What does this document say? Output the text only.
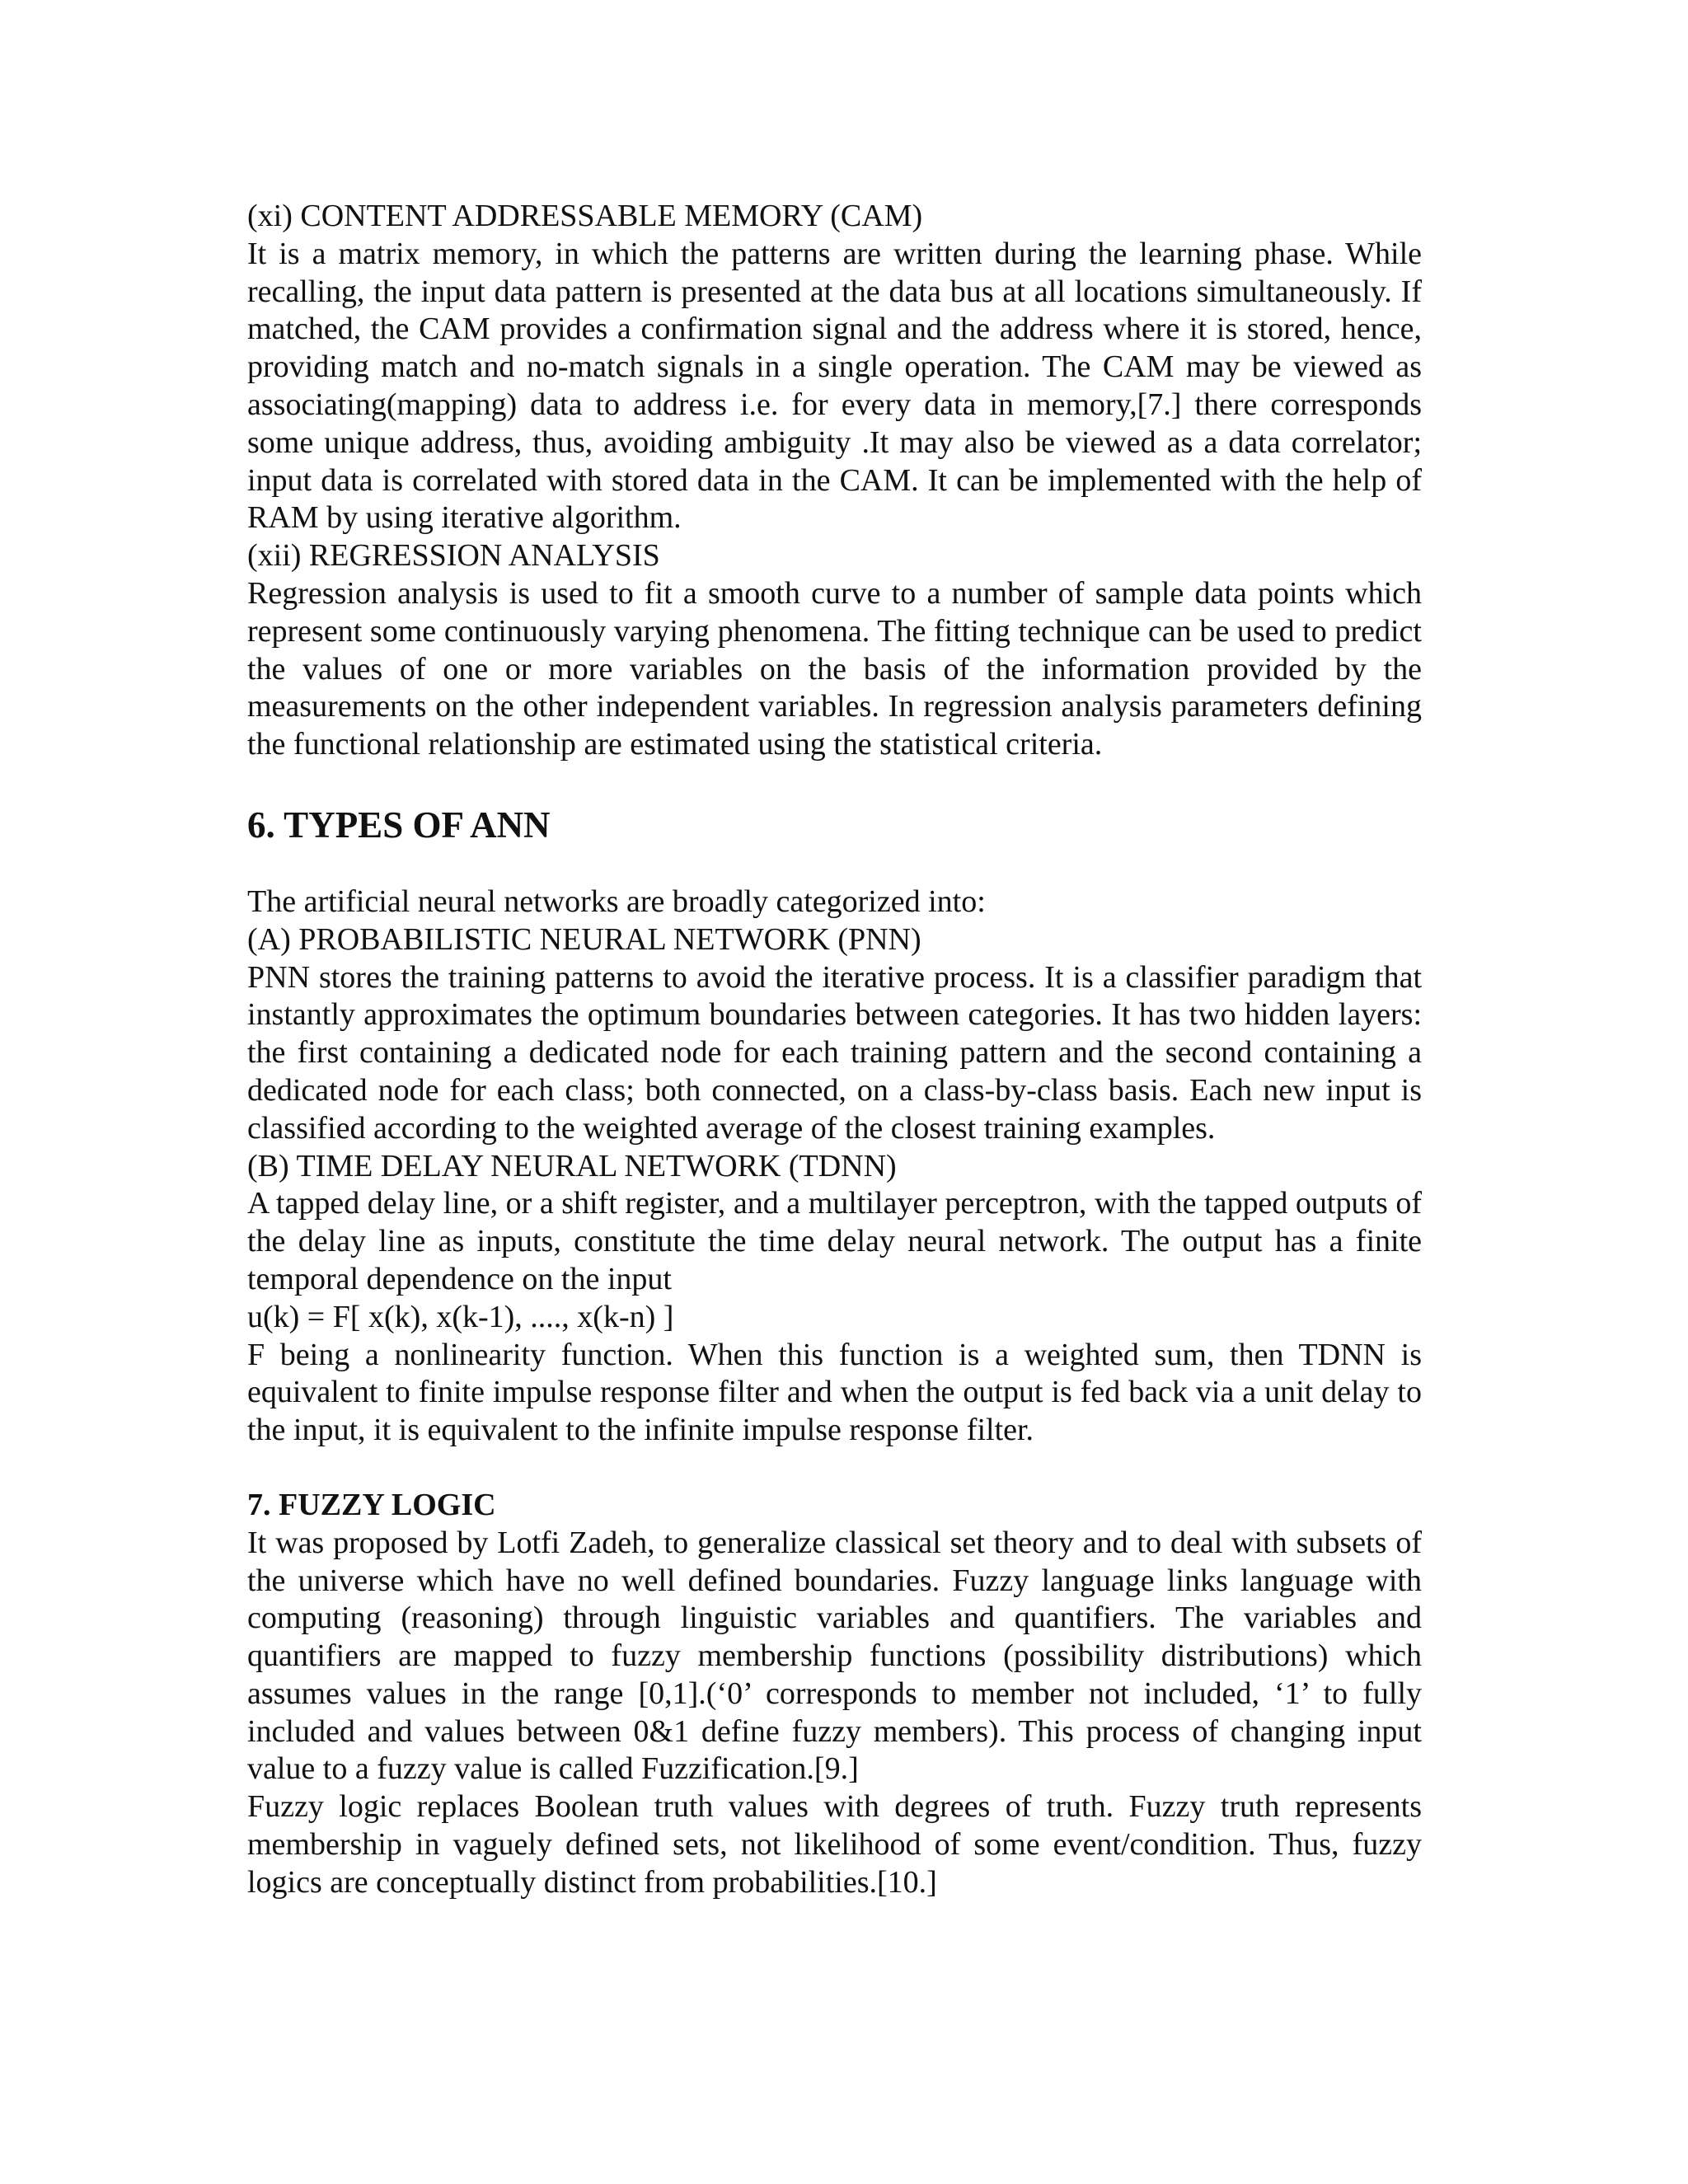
(xi) CONTENT ADDRESSABLE MEMORY (CAM)

It is a matrix memory, in which the patterns are written during the learning phase. While recalling, the input data pattern is presented at the data bus at all locations simultaneously. If matched, the CAM provides a confirmation signal and the address where it is stored, hence, providing match and no-match signals in a single operation. The CAM may be viewed as associating(mapping) data to address i.e. for every data in memory,[7.] there corresponds some unique address, thus, avoiding ambiguity .It may also be viewed as a data correlator; input data is correlated with stored data in the CAM. It can be implemented with the help of RAM by using iterative algorithm.

(xii) REGRESSION ANALYSIS

Regression analysis is used to fit a smooth curve to a number of sample data points which represent some continuously varying phenomena. The fitting technique can be used to predict the values of one or more variables on the basis of the information provided by the measurements on the other independent variables. In regression analysis parameters defining the functional relationship are estimated using the statistical criteria.

6. TYPES OF ANN
The artificial neural networks are broadly categorized into:
(A) PROBABILISTIC NEURAL NETWORK (PNN)

PNN stores the training patterns to avoid the iterative process. It is a classifier paradigm that instantly approximates the optimum boundaries between categories. It has two hidden layers: the first containing a dedicated node for each training pattern and the second containing a dedicated node for each class; both connected, on a class-by-class basis. Each new input is classified according to the weighted average of the closest training examples.

(B) TIME DELAY NEURAL NETWORK (TDNN)

A tapped delay line, or a shift register, and a multilayer perceptron, with the tapped outputs of the delay line as inputs, constitute the time delay neural network. The output has a finite temporal dependence on the input

u(k) = F[ x(k), x(k-1), ...., x(k-n) ]

F being a nonlinearity function. When this function is a weighted sum, then TDNN is equivalent to finite impulse response filter and when the output is fed back via a unit delay to the input, it is equivalent to the infinite impulse response filter.

7. FUZZY LOGIC

It was proposed by Lotfi Zadeh, to generalize classical set theory and to deal with subsets of the universe which have no well defined boundaries. Fuzzy language links language with computing (reasoning) through linguistic variables and quantifiers. The variables and quantifiers are mapped to fuzzy membership functions (possibility distributions) which assumes values in the range [0,1].(‘0’ corresponds to member not included, ‘1’ to fully included and values between 0&1 define fuzzy members). This process of changing input value to a fuzzy value is called Fuzzification.[9.]

Fuzzy logic replaces Boolean truth values with degrees of truth. Fuzzy truth represents membership in vaguely defined sets, not likelihood of some event/condition. Thus, fuzzy logics are conceptually distinct from probabilities.[10.]
